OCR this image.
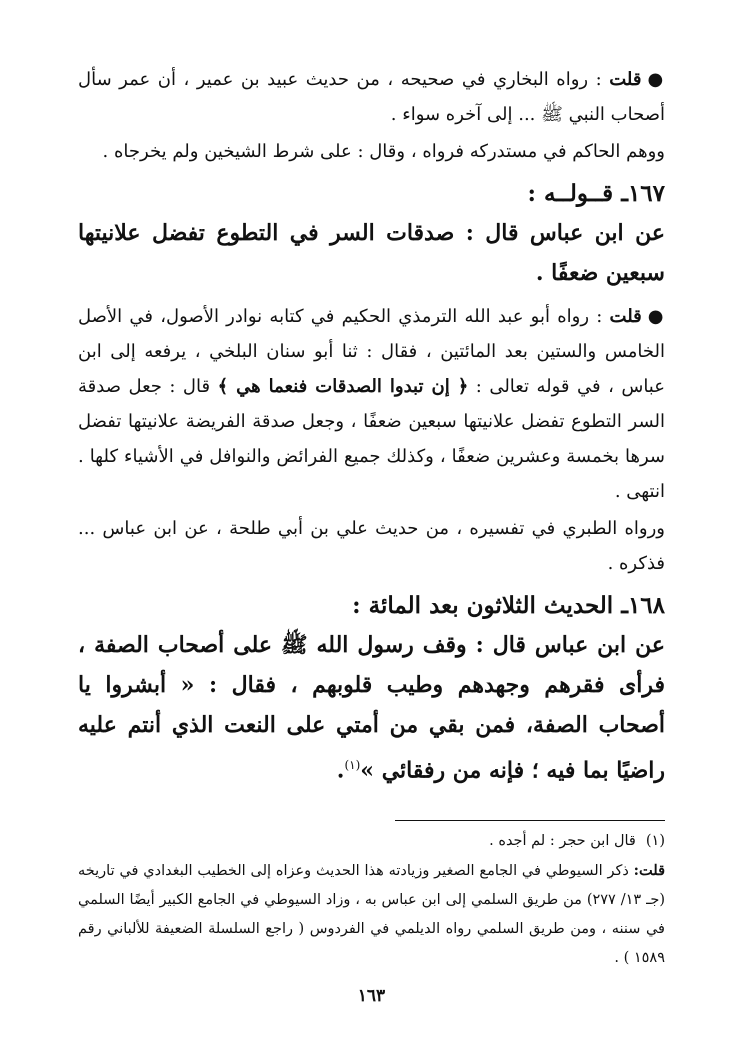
●قلت : رواه البخاري في صحيحه ، من حديث عبيد بن عمير ، أن عمر سأل أصحاب النبي ﷺ ... إلى آخره سواء .

ووهم الحاكم في مستدركه فرواه ، وقال : على شرط الشيخين ولم يخرجاه .

١٦٧ـ قــولــه :

عن ابن عباس قال : صدقات السر في التطوع تفضل علانيتها سبعين ضعفًا .

●قلت : رواه أبو عبد الله الترمذي الحكيم في كتابه نوادر الأصول، في الأصل الخامس والستين بعد المائتين ، فقال : ثنا أبو سنان البلخي ، يرفعه إلى ابن عباس ، في قوله تعالى : ﴿ إن تبدوا الصدقات فنعما هي ﴾ قال : جعل صدقة السر التطوع تفضل علانيتها سبعين ضعفًا ، وجعل صدقة الفريضة علانيتها تفضل سرها بخمسة وعشرين ضعفًا ، وكذلك جميع الفرائض والنوافل في الأشياء كلها . انتهى .

ورواه الطبري في تفسيره ، من حديث علي بن أبي طلحة ، عن ابن عباس ... فذكره .

١٦٨ـ الحديث الثلاثون بعد المائة :

عن ابن عباس قال : وقف رسول الله ﷺ على أصحاب الصفة ، فرأى فقرهم وجهدهم وطيب قلوبهم ، فقال : « أبشروا يا أصحاب الصفة، فمن بقي من أمتي على النعت الذي أنتم عليه راضيًا بما فيه ؛ فإنه من رفقائي »$^{(١)}$.

(١)قال ابن حجر : لم أجده .

قلت: ذكر السيوطي في الجامع الصغير وزيادته هذا الحديث وعزاه إلى الخطيب البغدادي في تاريخه (جـ ١٣/ ٢٧٧) من طريق السلمي إلى ابن عباس به ، وزاد السيوطي في الجامع الكبير أيضًا السلمي في سننه ، ومن طريق السلمي رواه الديلمي في الفردوس ( راجع السلسلة الضعيفة للألباني رقم ١٥٨٩ ) .

١٦٣
